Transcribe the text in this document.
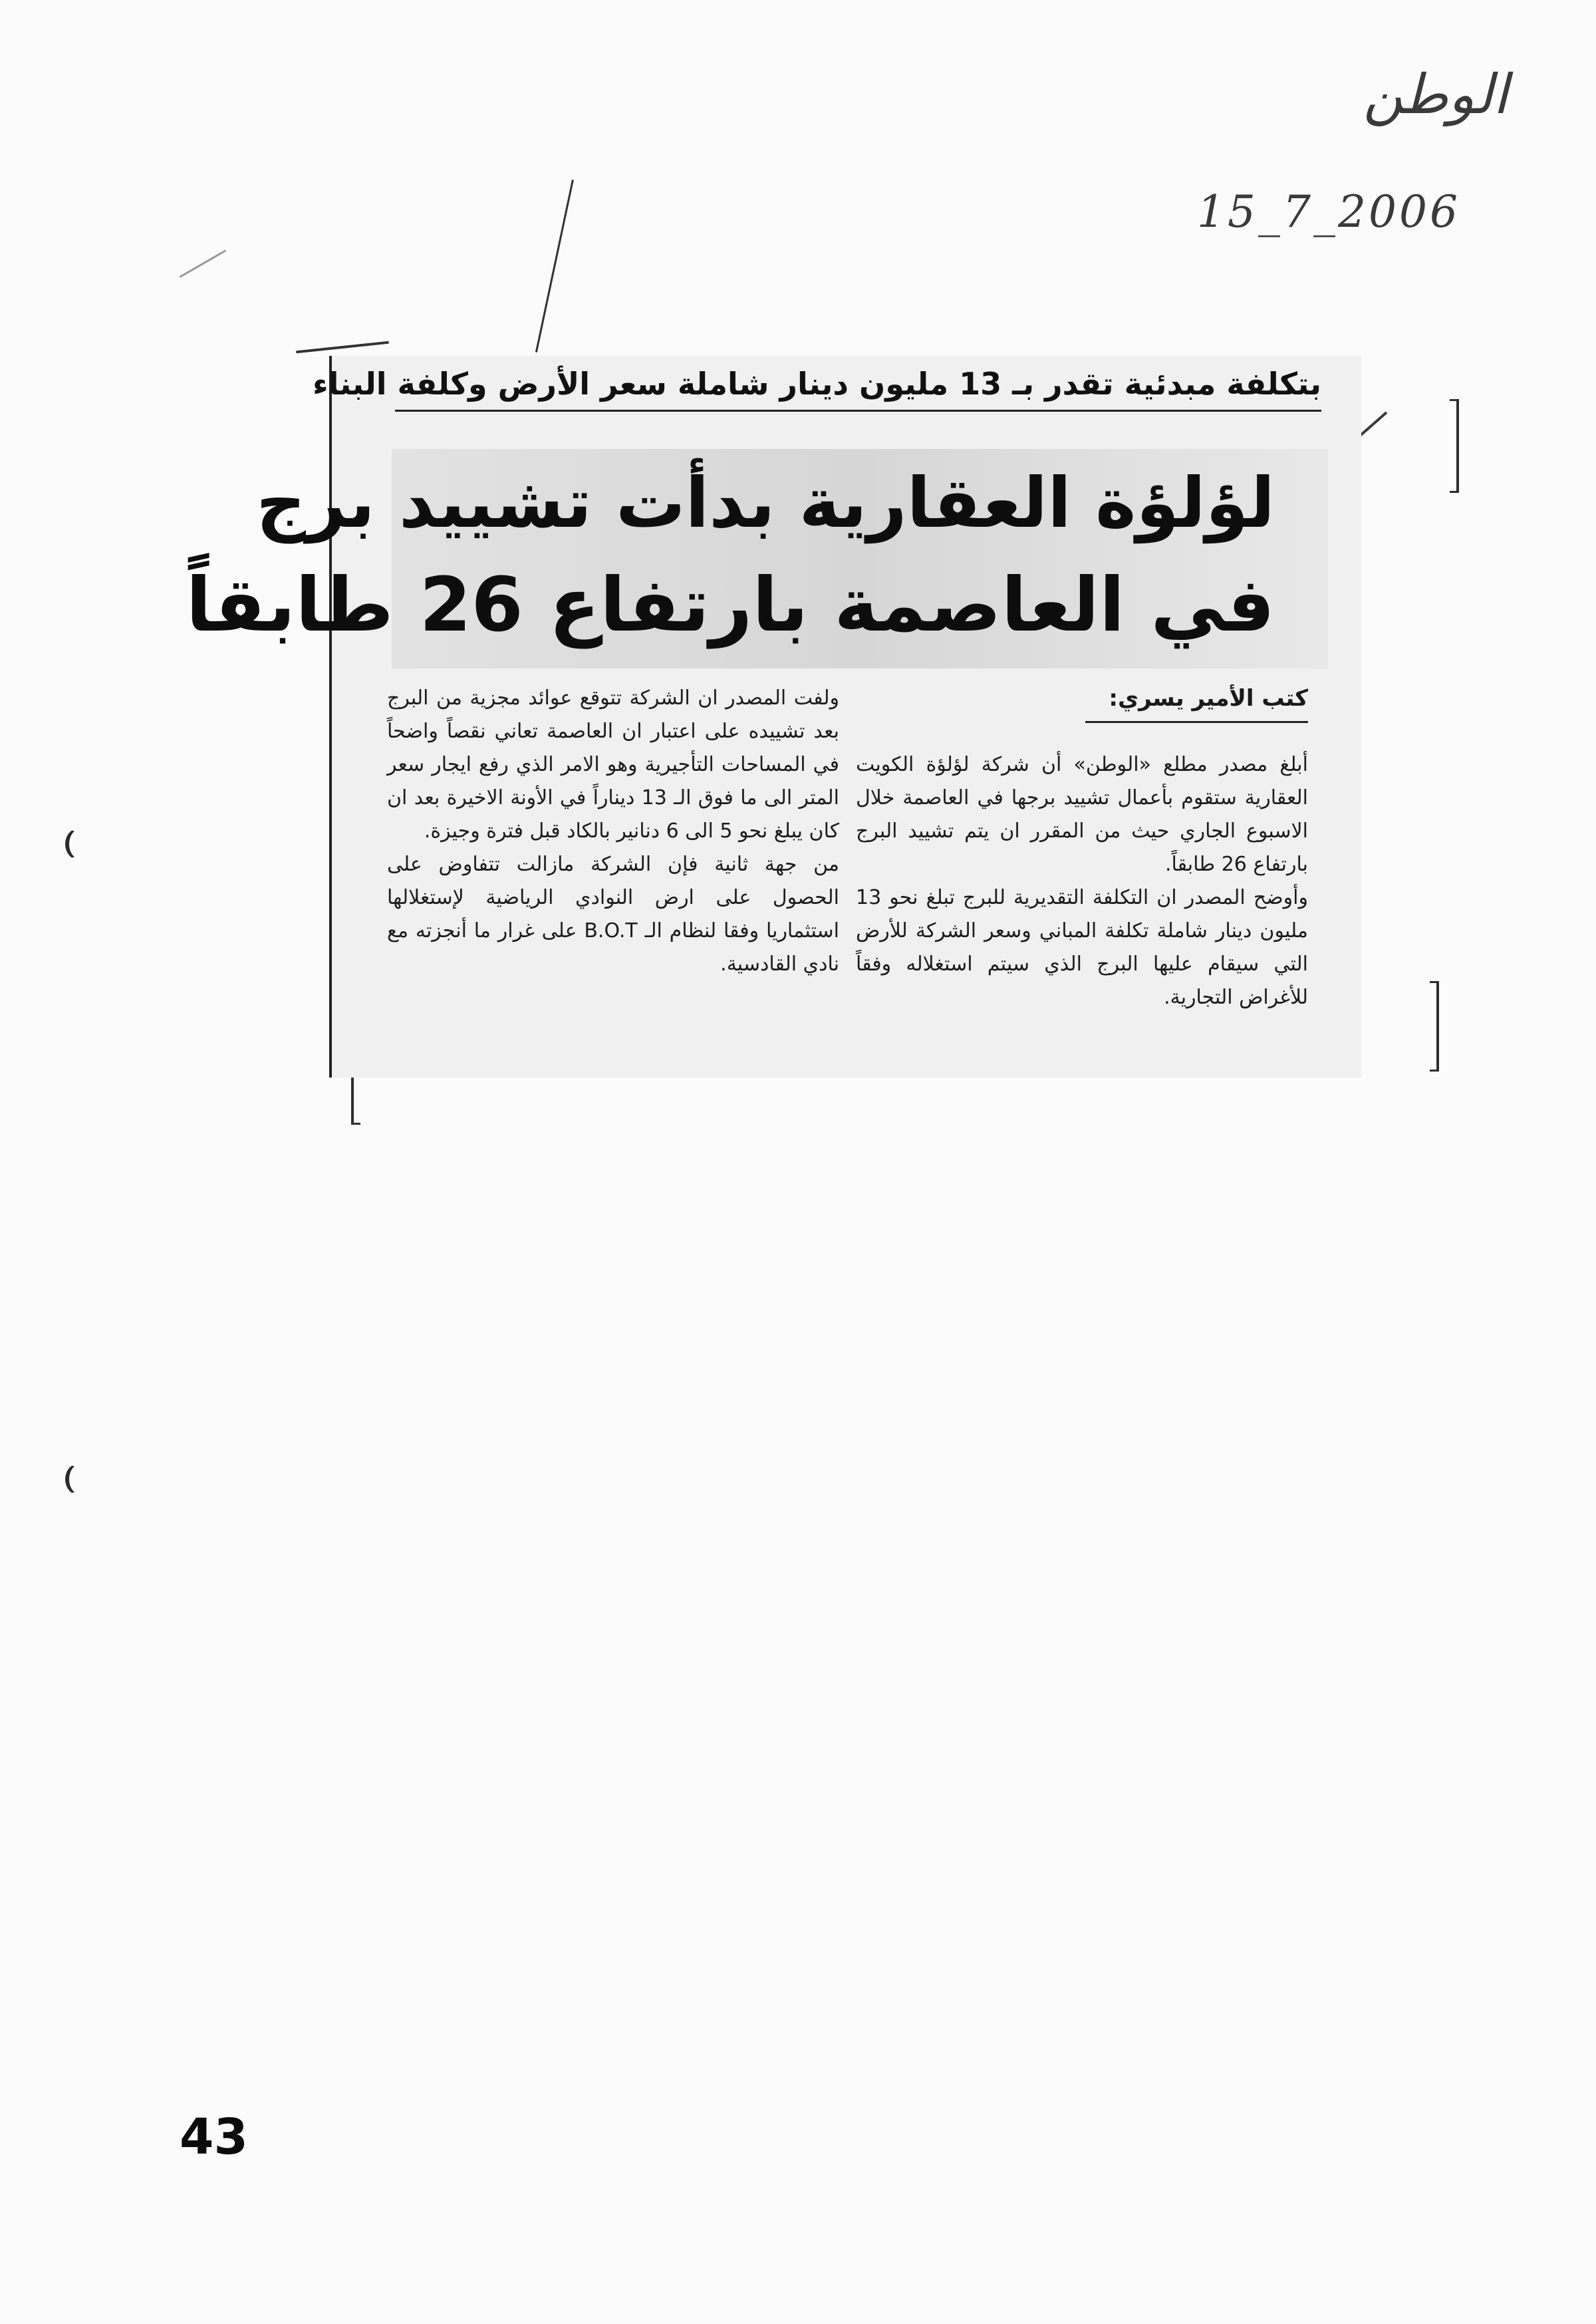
الوطن
15_7_2006
بتكلفة مبدئية تقدر بـ 13 مليون دينار شاملة سعر الأرض وكلفة البناء
لؤلؤة العقارية بدأت تشييد برج
في العاصمة بارتفاع 26 طابقاً
كتب الأمير يسري:

أبلغ مصدر مطلع «الوطن» أن شركة لؤلؤة الكويت العقارية ستقوم بأعمال تشييد برجها في العاصمة خلال الاسبوع الجاري حيث من المقرر ان يتم تشييد البرج بارتفاع 26 طابقاً.

وأوضح المصدر ان التكلفة التقديرية للبرج تبلغ نحو 13 مليون دينار شاملة تكلفة المباني وسعر الشركة للأرض التي سيقام عليها البرج الذي سيتم استغلاله وفقاً للأغراض التجارية.

ولفت المصدر ان الشركة تتوقع عوائد مجزية من البرج بعد تشييده على اعتبار ان العاصمة تعاني نقصاً واضحاً في المساحات التأجيرية وهو الامر الذي رفع ايجار سعر المتر الى ما فوق الـ 13 ديناراً في الأونة الاخيرة بعد ان كان يبلغ نحو 5 الى 6 دنانير بالكاد قبل فترة وجيزة.

من جهة ثانية فإن الشركة مازالت تتفاوض على الحصول على ارض النوادي الرياضية لإستغلالها استثماريا وفقا لنظام الـ B.O.T على غرار ما أنجزته مع نادي القادسية.

43
